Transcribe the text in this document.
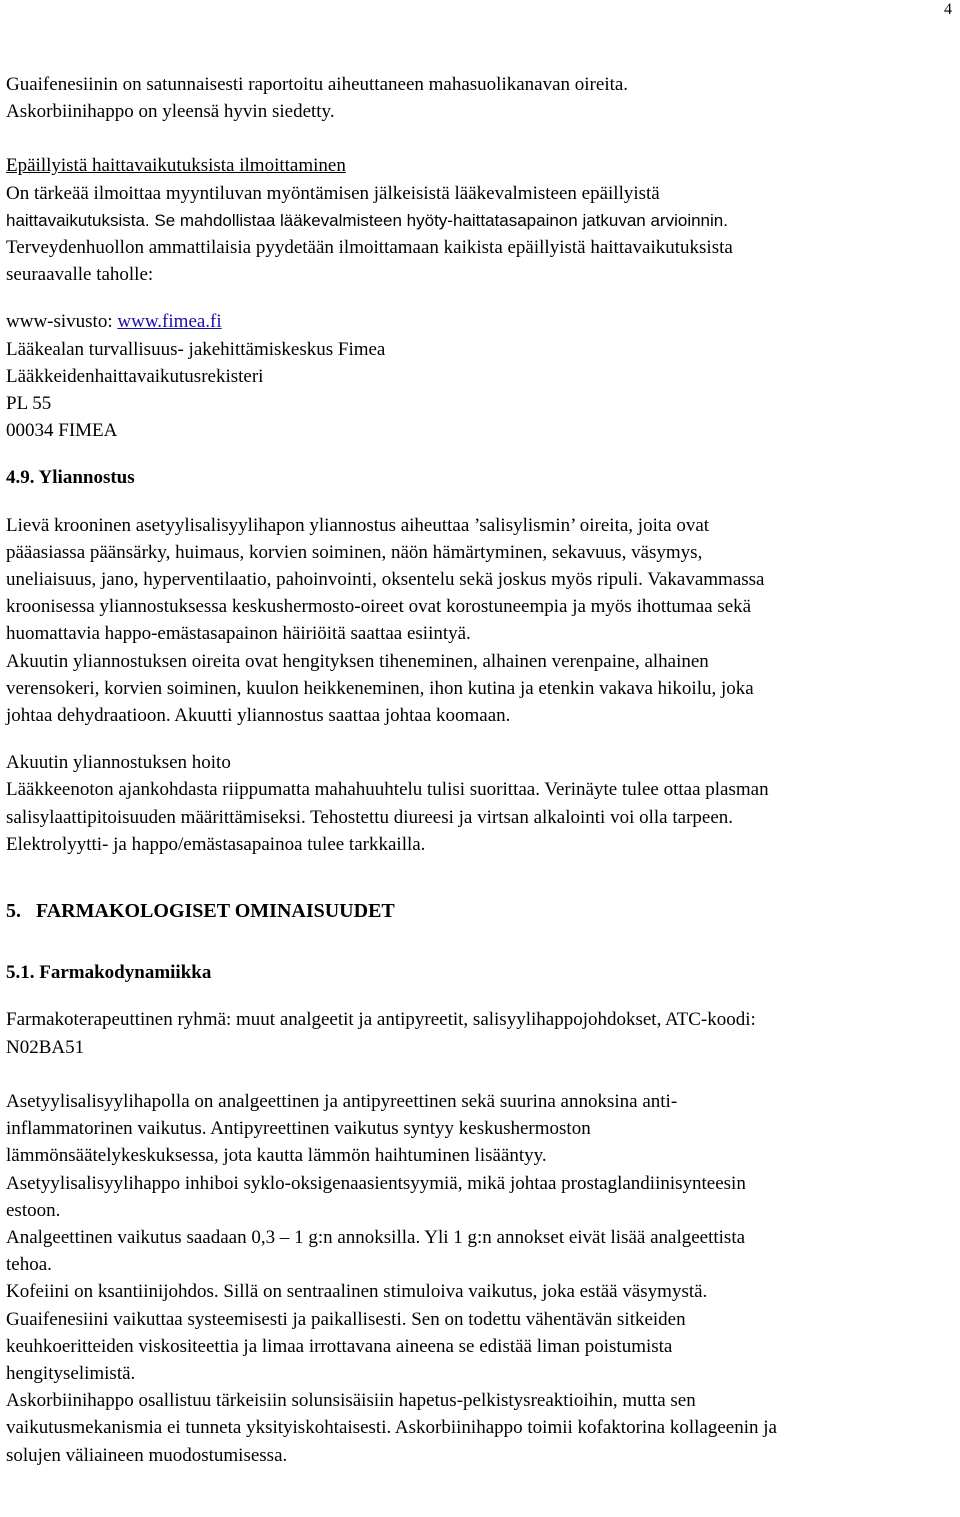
4
Guaifenesiinin on satunnaisesti raportoitu aiheuttaneen mahasuolikanavan oireita.
Askorbiinihappo on yleensä hyvin siedetty.
Epäillyistä haittavaikutuksista ilmoittaminen
On tärkeää ilmoittaa myyntiluvan myöntämisen jälkeisistä lääkevalmisteen epäillyistä
haittavaikutuksista. Se mahdollistaa lääkevalmisteen hyöty-haittatasapainon jatkuvan arvioinnin.
Terveydenhuollon ammattilaisia pyydetään ilmoittamaan kaikista epäillyistä haittavaikutuksista
seuraavalle taholle:
www-sivusto: www.fimea.fi
Lääkealan turvallisuus- jakehittämiskeskus Fimea
Lääkkeidenhaittavaikutusrekisteri
PL 55
00034 FIMEA
4.9. Yliannostus
Lievä krooninen asetyylisalisyylihapon yliannostus aiheuttaa ’salisylismin’ oireita, joita ovat
pääasiassa päänsärky, huimaus, korvien soiminen, näön hämärtyminen, sekavuus, väsymys,
uneliaisuus, jano, hyperventilaatio, pahoinvointi, oksentelu sekä joskus myös ripuli. Vakavammassa
kroonisessa yliannostuksessa keskushermosto-oireet ovat korostuneempia ja myös ihottumaa sekä
huomattavia happo-emästasapainon häiriöitä saattaa esiintyä.
Akuutin yliannostuksen oireita ovat hengityksen tiheneminen, alhainen verenpaine, alhainen
verensokeri, korvien soiminen, kuulon heikkeneminen, ihon kutina ja etenkin vakava hikoilu, joka
johtaa dehydraatioon. Akuutti yliannostus saattaa johtaa koomaan.
Akuutin yliannostuksen hoito
Lääkkeenoton ajankohdasta riippumatta mahahuuhtelu tulisi suorittaa. Verinäyte tulee ottaa plasman
salisylaattipitoisuuden määrittämiseksi. Tehostettu diureesi ja virtsan alkalointi voi olla tarpeen.
Elektrolyytti- ja happo/emästasapainoa tulee tarkkailla.
5.   FARMAKOLOGISET OMINAISUUDET
5.1. Farmakodynamiikka
Farmakoterapeuttinen ryhmä: muut analgeetit ja antipyreetit, salisyylihappojohdokset, ATC-koodi:
N02BA51
Asetyylisalisyylihapolla on analgeettinen ja antipyreettinen sekä suurina annoksina anti-
inflammatorinen vaikutus. Antipyreettinen vaikutus syntyy keskushermoston
lämmönsäätelykeskuksessa, jota kautta lämmön haihtuminen lisääntyy.
Asetyylisalisyylihappo inhiboi syklo-oksigenaasientsyymiä, mikä johtaa prostaglandiinisynteesin
estoon.
Analgeettinen vaikutus saadaan 0,3 – 1 g:n annoksilla. Yli 1 g:n annokset eivät lisää analgeettista
tehoa.
Kofeiini on ksantiinijohdos. Sillä on sentraalinen stimuloiva vaikutus, joka estää väsymystä.
Guaifenesiini vaikuttaa systeemisesti ja paikallisesti. Sen on todettu vähentävän sitkeiden
keuhkoeritteiden viskositeettia ja limaa irrottavana aineena se edistää liman poistumista
hengityselimistä.
Askorbiinihappo osallistuu tärkeisiin solunsisäisiin hapetus-pelkistysreaktioihin, mutta sen
vaikutusmekanismia ei tunneta yksityiskohtaisesti. Askorbiinihappo toimii kofaktorina kollageenin ja
solujen väliaineen muodostumisessa.
